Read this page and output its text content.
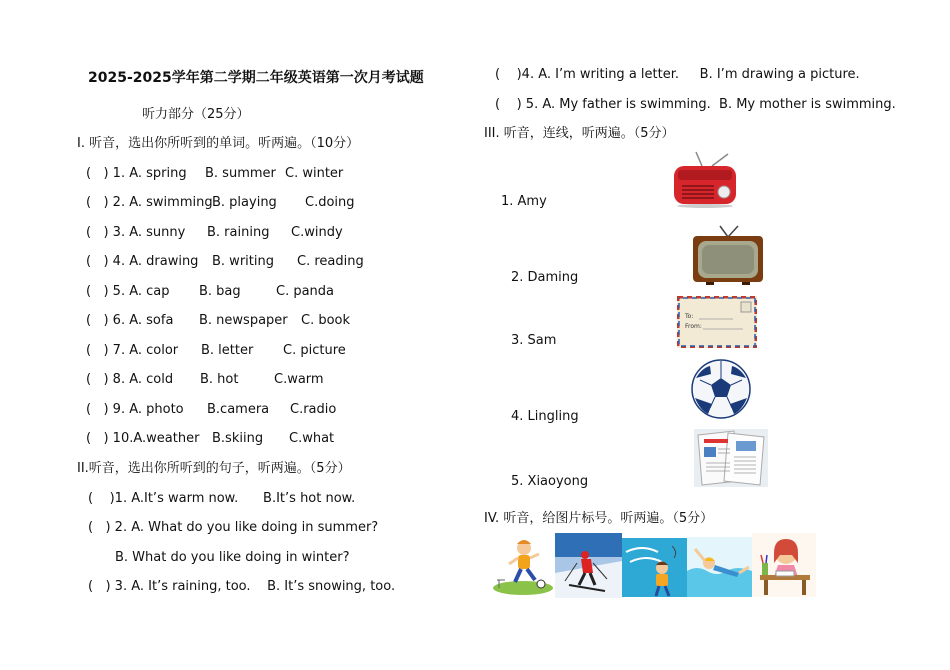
2025-2025学年第二学期二年级英语第一次月考试题
听力部分（25分）
I. 听音，选出你所听到的单词。听两遍。（10分）
(   ) 1. A. spring B. summer C. winter
(   ) 2. A. swimming B. playing C.doing
(   ) 3. A. sunny B. raining C.windy
(   ) 4. A. drawing B. writing C. reading
(   ) 5. A. cap B. bag	C. panda
(   ) 6. A. sofa B. newspaper C. book
(   ) 7. A. color B. letter C. picture
(   ) 8. A. cold B. hot	C.warm
(   ) 9. A. photo B.camera C.radio
(   ) 10.A.weather B.skiing C.what
II.听音，选出你所听到的句子，听两遍。（5分）
(    )1. A.It’s warm now.      B.It’s hot now.
(   ) 2. A. What do you like doing in summer?
B. What do you like doing in winter?
(   ) 3. A. It’s raining, too.    B. It’s snowing, too.
(    )4. A. I’m writing a letter.     B. I’m drawing a picture.
(    ) 5. A. My father is swimming.  B. My mother is swimming.
III. 听音，连线，听两遍。（5分）
1. Amy
2. Daming
3. Sam
4. Lingling
5. Xiaoyong
To:
From:
IV. 听音，给图片标号。听两遍。（5分）
